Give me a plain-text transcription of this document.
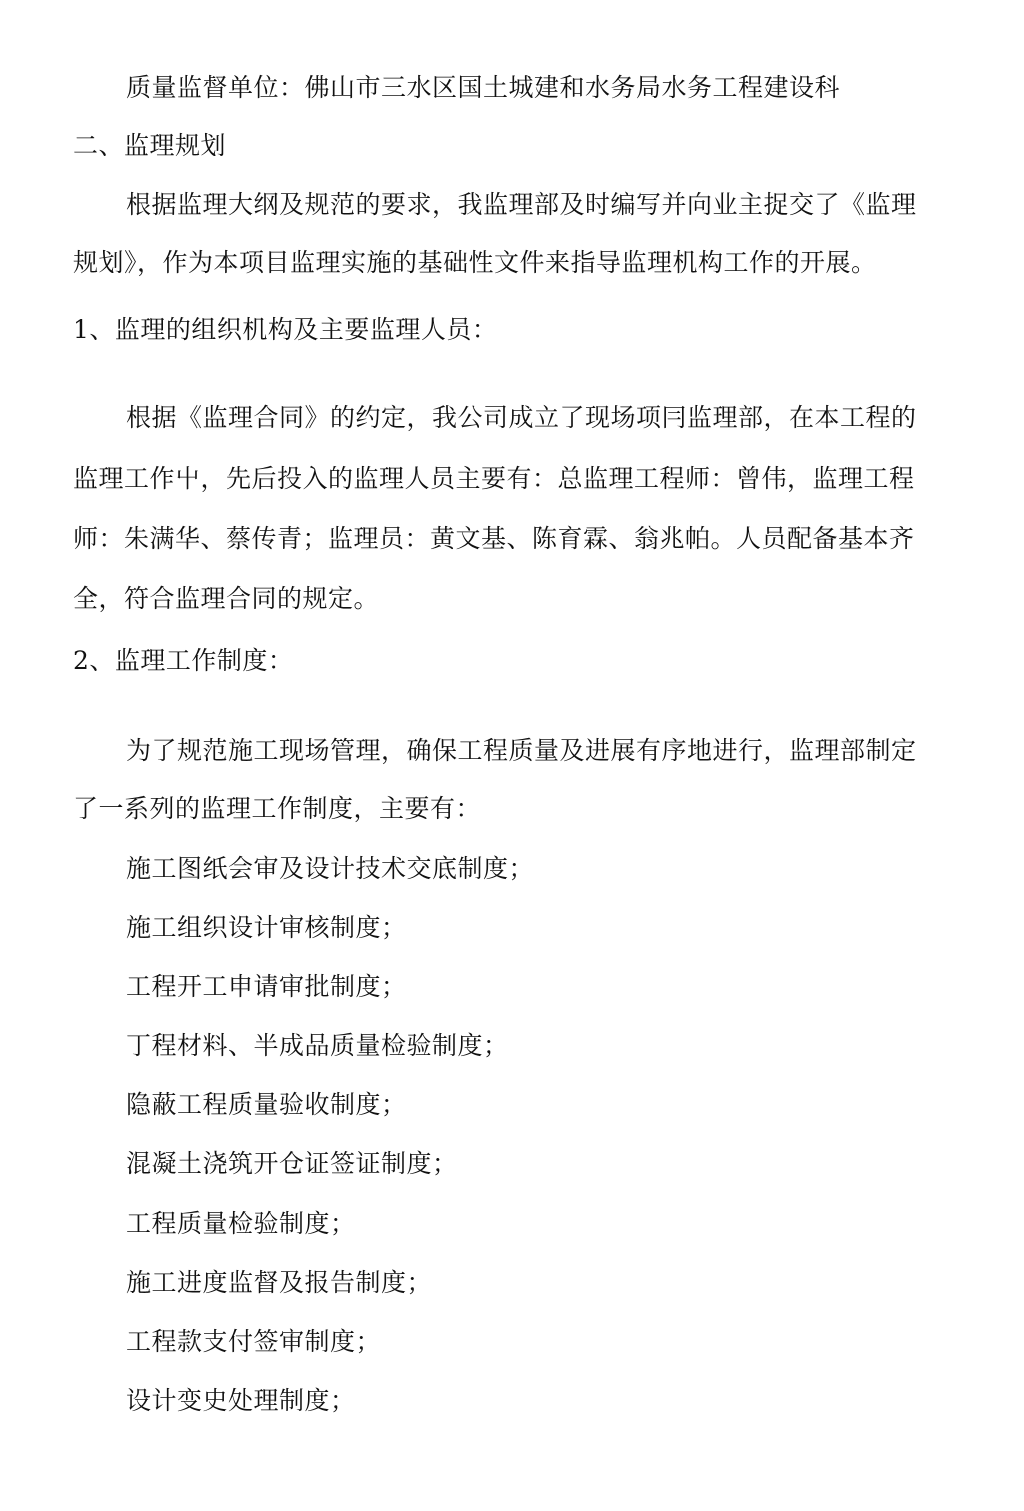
质量监督单位：佛山市三水区国土城建和水务局水务工程建设科
二、监理规划
根据监理大纲及规范的要求，我监理部及时编写并向业主捉交了《监理
规划》，作为本项目监理实施的基础性文件来指导监理机构工作的开展。
1、监理的组织机构及主要监理人员：
根据《监理合同》的约定，我公司成立了现场项冃监理部，在本工程的
监理工作屮，先后投入的监理人员主要有：总监理工程师：曾伟，监理工程
师：朱满华、蔡传青；监理员：黄文基、陈育霖、翁兆帕。人员配备基本齐
全，符合监理合同的规定。
2、监理工作制度：
为了规范施工现场管理，确保工程质量及进展有序地进行，监理部制定
了一系列的监理工作制度，主要有：
施工图纸会审及设计技术交底制度；
施工组织设计审核制度；
工程开工申请审批制度；
丁程材料、半成品质量检验制度；
隐蔽工程质量验收制度；
混凝土浇筑开仓证签证制度；
工程质量检验制度；
施工进度监督及报告制度；
工程款支付签审制度；
设计变史处理制度；
